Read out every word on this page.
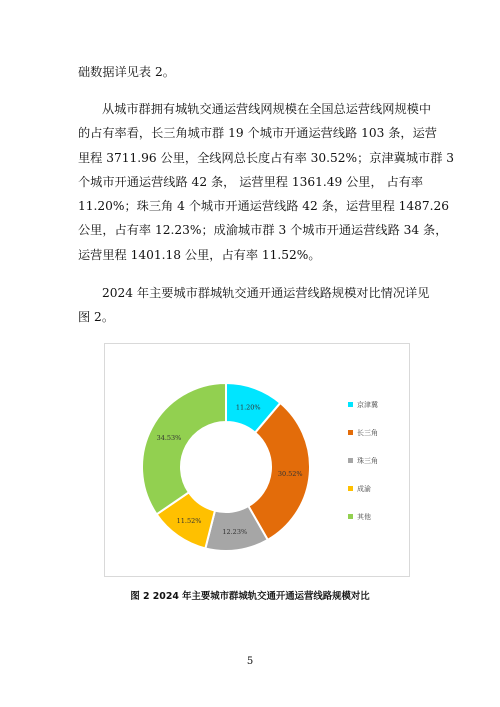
础数据详见表 2。

从城市群拥有城轨交通运营线网规模在全国总运营线网规模中
的占有率看，长三角城市群 19 个城市开通运营线路 103 条，运营
里程 3711.96 公里，全线网总长度占有率 30.52%；京津冀城市群 3
个城市开通运营线路 42 条， 运营里程 1361.49 公里， 占有率
11.20%；珠三角 4 个城市开通运营线路 42 条，运营里程 1487.26
公里，占有率 12.23%；成渝城市群 3 个城市开通运营线路 34 条，
运营里程 1401.18 公里，占有率 11.52%。

2024 年主要城市群城轨交通开通运营线路规模对比情况详见
图 2。

11.20%
30.52%
12.23%
11.52%
34.53%
京津冀
长三角
珠三角
成渝
其他
图 2 2024 年主要城市群城轨交通开通运营线路规模对比
5
